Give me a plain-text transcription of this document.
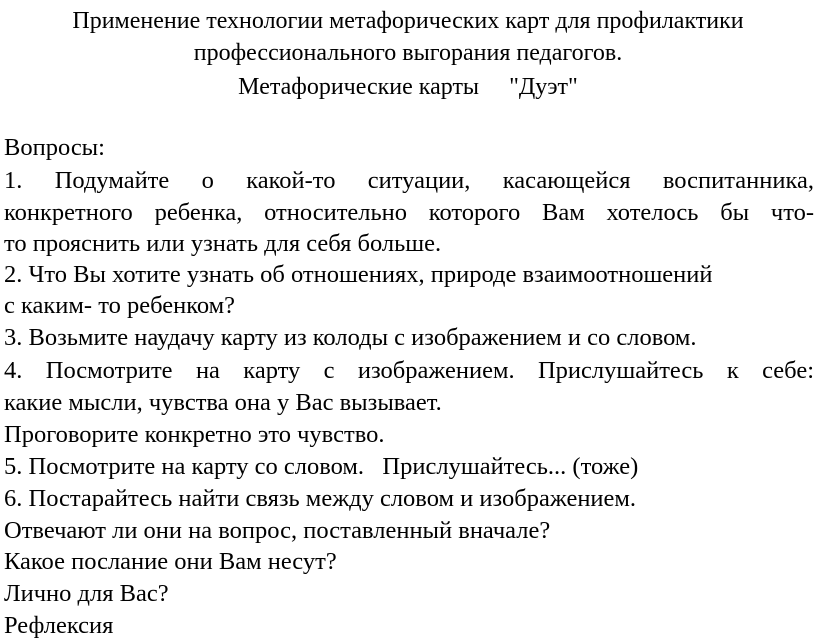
Применение технологии метафорических карт для профилактики
профессионального выгорания педагогов.
Метафорические карты "Дуэт"
Вопросы:
1. Подумайте о какой-то ситуации, касающейся воспитанника,
конкретного ребенка, относительно которого Вам хотелось бы что-
то прояснить или узнать для себя больше.
2. Что Вы хотите узнать об отношениях, природе взаимоотношений
с каким- то ребенком?
3. Возьмите наудачу карту из колоды с изображением и со словом.
4. Посмотрите на карту с изображением. Прислушайтесь к себе:
какие мысли, чувства она у Вас вызывает.
Проговорите конкретно это чувство.
5. Посмотрите на карту со словом.   Прислушайтесь... (тоже)
6. Постарайтесь найти связь между словом и изображением.
Отвечают ли они на вопрос, поставленный вначале?
Какое послание они Вам несут?
Лично для Вас?
Рефлексия
